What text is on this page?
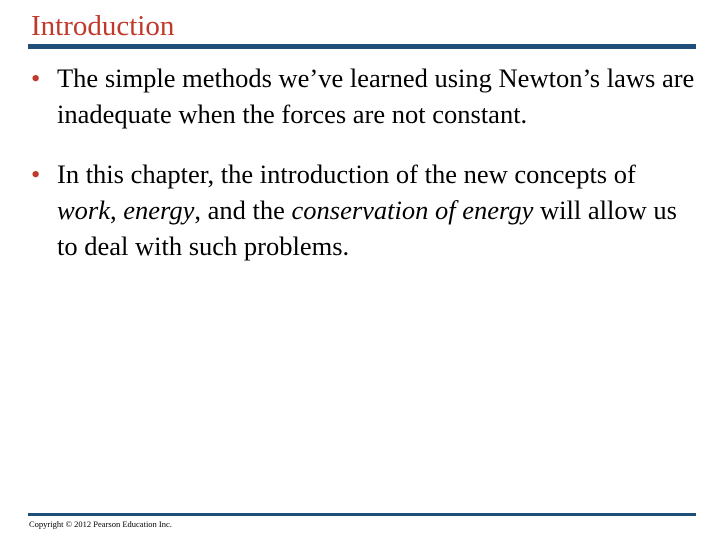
Introduction
• The simple methods we’ve learned using Newton’s laws are inadequate when the forces are not constant.
• In this chapter, the introduction of the new concepts of work, energy, and the conservation of energy will allow us to deal with such problems.
Copyright © 2012 Pearson Education Inc.
